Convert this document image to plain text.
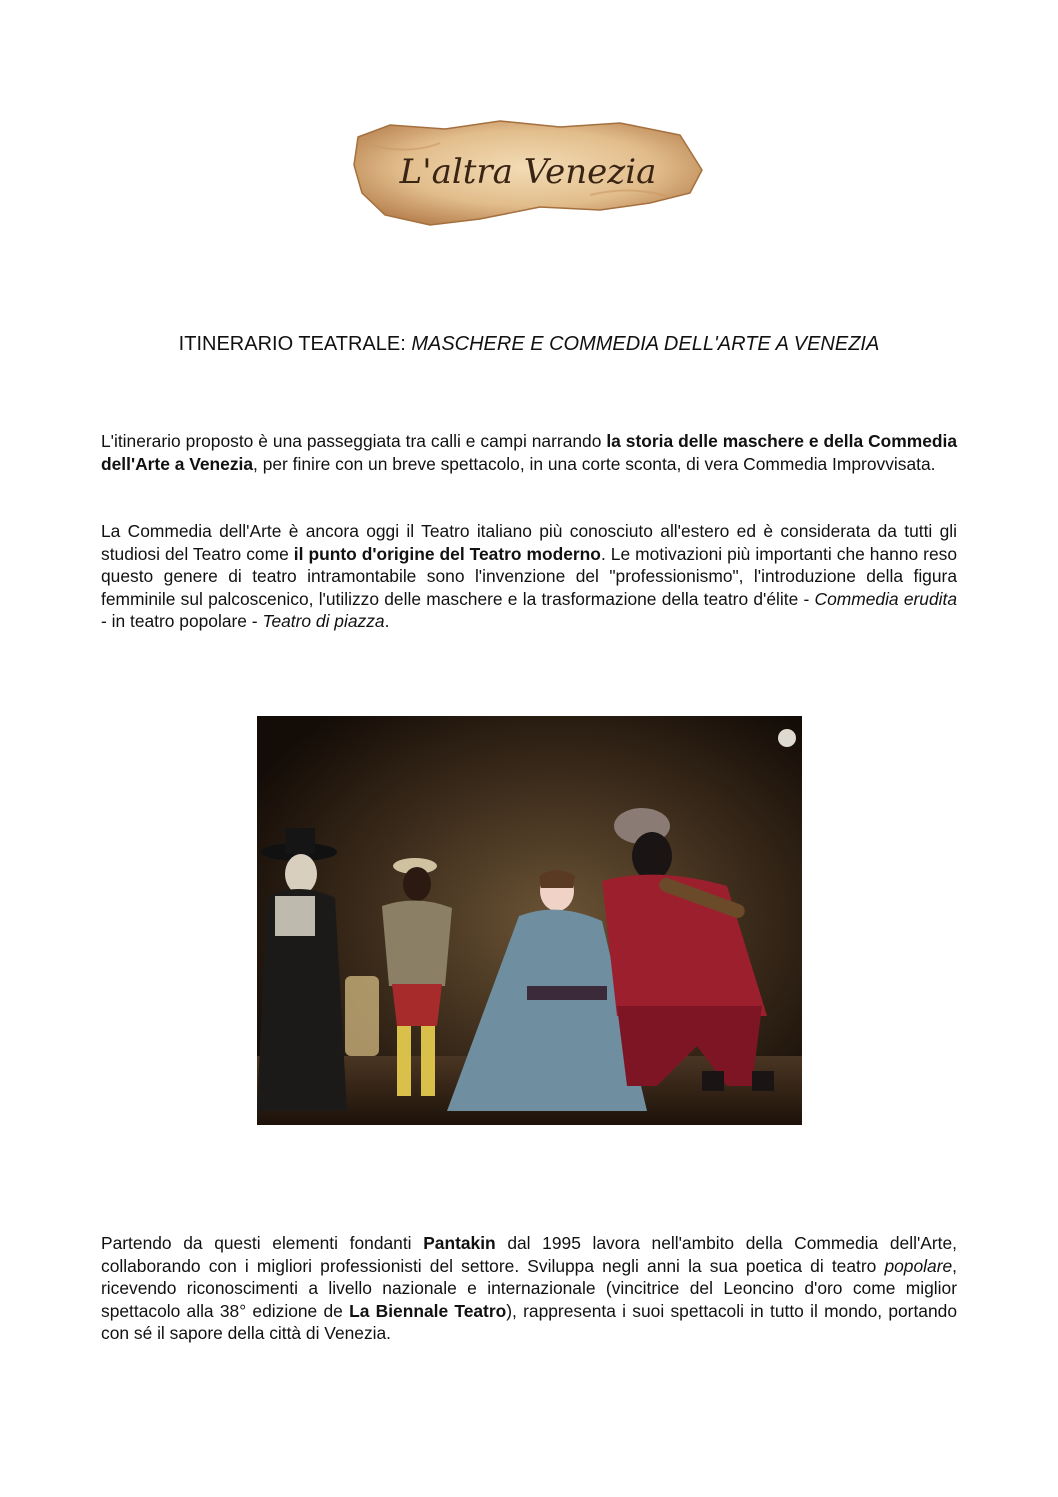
L'altra Venezia
ITINERARIO TEATRALE: MASCHERE E COMMEDIA DELL'ARTE A VENEZIA

L'itinerario proposto è una passeggiata tra calli e campi narrando la storia delle maschere e della Commedia dell'Arte a Venezia, per finire con un breve spettacolo, in una corte sconta, di vera Commedia Improvvisata.

La Commedia dell'Arte è ancora oggi il Teatro italiano più conosciuto all'estero ed è considerata da tutti gli studiosi del Teatro come il punto d'origine del Teatro moderno. Le motivazioni più importanti che hanno reso questo genere di teatro intramontabile sono l'invenzione del "professionismo", l'introduzione della figura femminile sul palcoscenico, l'utilizzo delle maschere e la trasformazione della teatro d'élite - Commedia erudita - in teatro popolare - Teatro di piazza.

Partendo da questi elementi fondanti Pantakin dal 1995 lavora nell'ambito della Commedia dell'Arte, collaborando con i migliori professionisti del settore. Sviluppa negli anni la sua poetica di teatro popolare, ricevendo riconoscimenti a livello nazionale e internazionale (vincitrice del Leoncino d'oro come miglior spettacolo alla 38° edizione de La Biennale Teatro), rappresenta i suoi spettacoli in tutto il mondo, portando con sé il sapore della città di Venezia.
